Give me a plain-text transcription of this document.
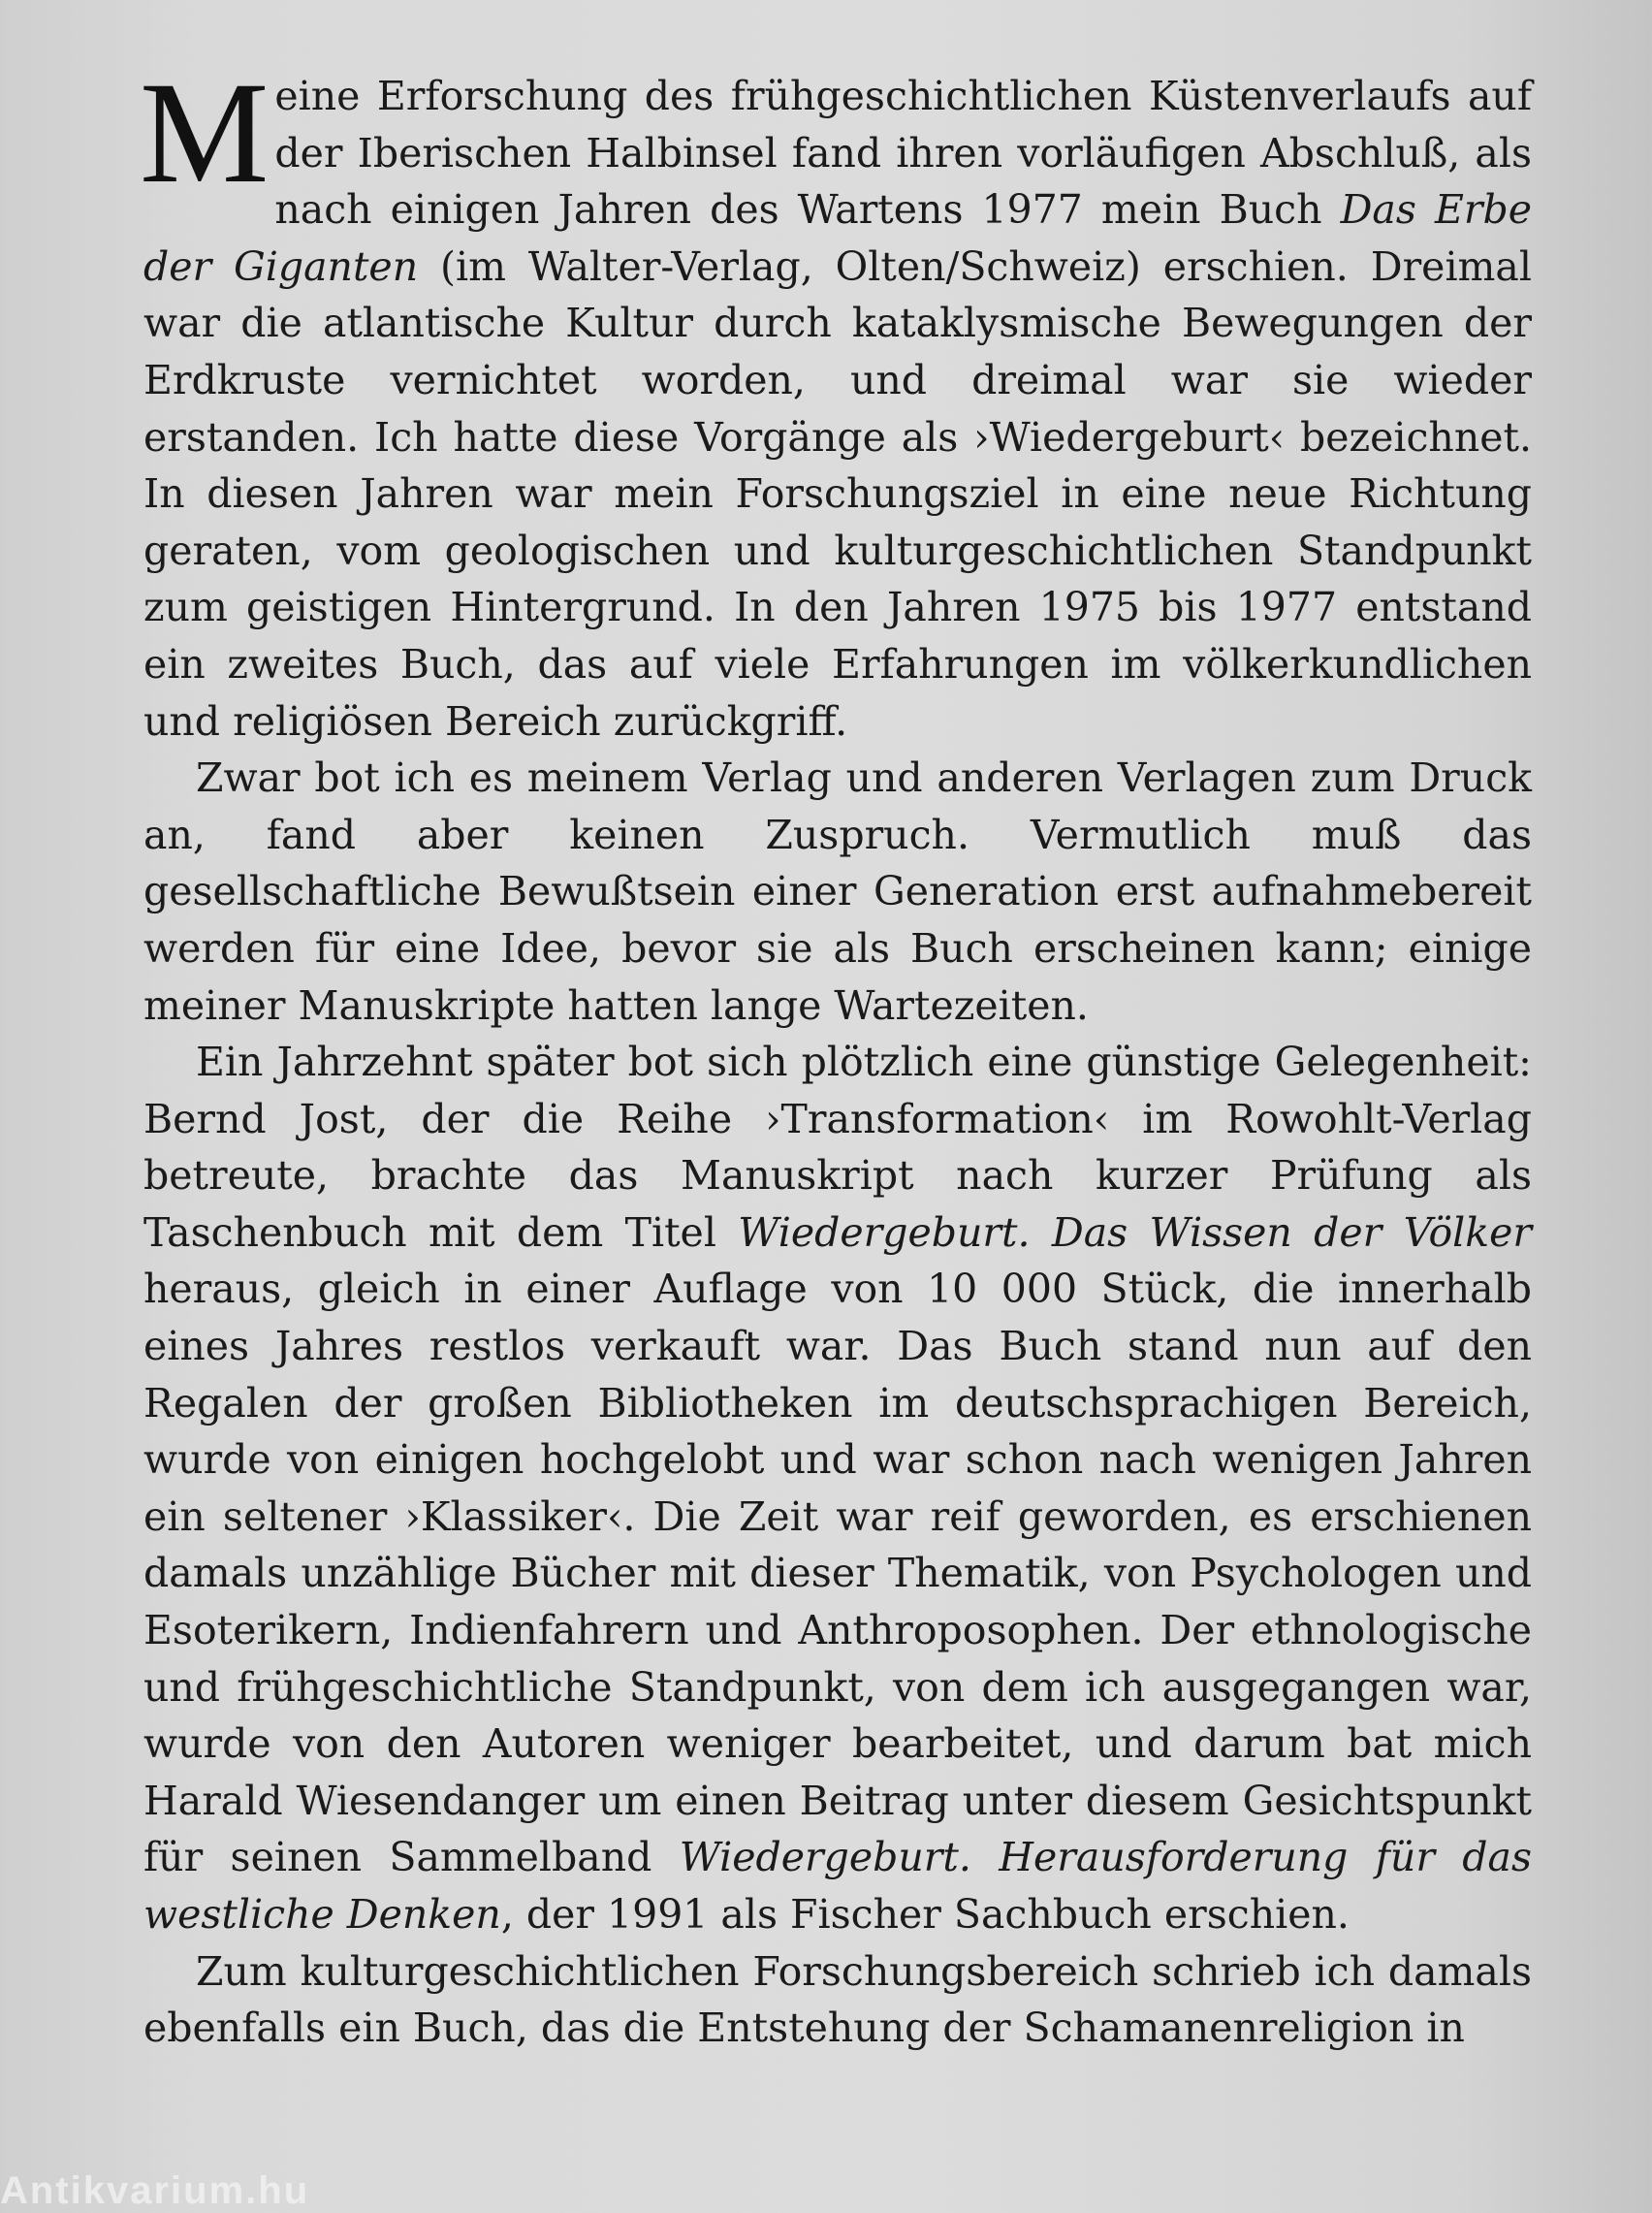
Meine Erforschung des frühgeschichtlichen Küstenverlaufs auf der Iberischen Halbinsel fand ihren vorläufigen Abschluß, als nach einigen Jahren des Wartens 1977 mein Buch Das Erbe der Giganten (im Walter-Verlag, Olten/Schweiz) erschien. Dreimal war die atlantische Kultur durch kataklysmische Bewegungen der Erdkruste vernichtet worden, und dreimal war sie wieder erstanden. Ich hatte diese Vorgänge als ›Wiedergeburt‹ bezeichnet. In diesen Jahren war mein Forschungsziel in eine neue Richtung geraten, vom geologischen und kulturgeschichtlichen Standpunkt zum geistigen Hintergrund. In den Jahren 1975 bis 1977 entstand ein zweites Buch, das auf viele Erfahrungen im völkerkundlichen und religiösen Bereich zurückgriff.

Zwar bot ich es meinem Verlag und anderen Verlagen zum Druck an, fand aber keinen Zuspruch. Vermutlich muß das gesellschaftliche Bewußtsein einer Generation erst aufnahmebereit werden für eine Idee, bevor sie als Buch erscheinen kann; einige meiner Manuskripte hatten lange Wartezeiten.

Ein Jahrzehnt später bot sich plötzlich eine günstige Gelegenheit: Bernd Jost, der die Reihe ›Transformation‹ im Rowohlt-Verlag betreute, brachte das Manuskript nach kurzer Prüfung als Taschenbuch mit dem Titel Wiedergeburt. Das Wissen der Völker heraus, gleich in einer Auflage von 10 000 Stück, die innerhalb eines Jahres restlos verkauft war. Das Buch stand nun auf den Regalen der großen Bibliotheken im deutschsprachigen Bereich, wurde von einigen hochgelobt und war schon nach wenigen Jahren ein seltener ›Klassiker‹. Die Zeit war reif geworden, es erschienen damals unzählige Bücher mit dieser Thematik, von Psychologen und Esoterikern, Indienfahrern und Anthroposophen. Der ethnologische und frühgeschichtliche Standpunkt, von dem ich ausgegangen war, wurde von den Autoren weniger bearbeitet, und darum bat mich Harald Wiesendanger um einen Beitrag unter diesem Gesichtspunkt für seinen Sammelband Wiedergeburt. Herausforderung für das westliche Denken, der 1991 als Fischer Sachbuch erschien.

Zum kulturgeschichtlichen Forschungsbereich schrieb ich damals ebenfalls ein Buch, das die Entstehung der Schamanenreligion in

Antikvarium.hu
